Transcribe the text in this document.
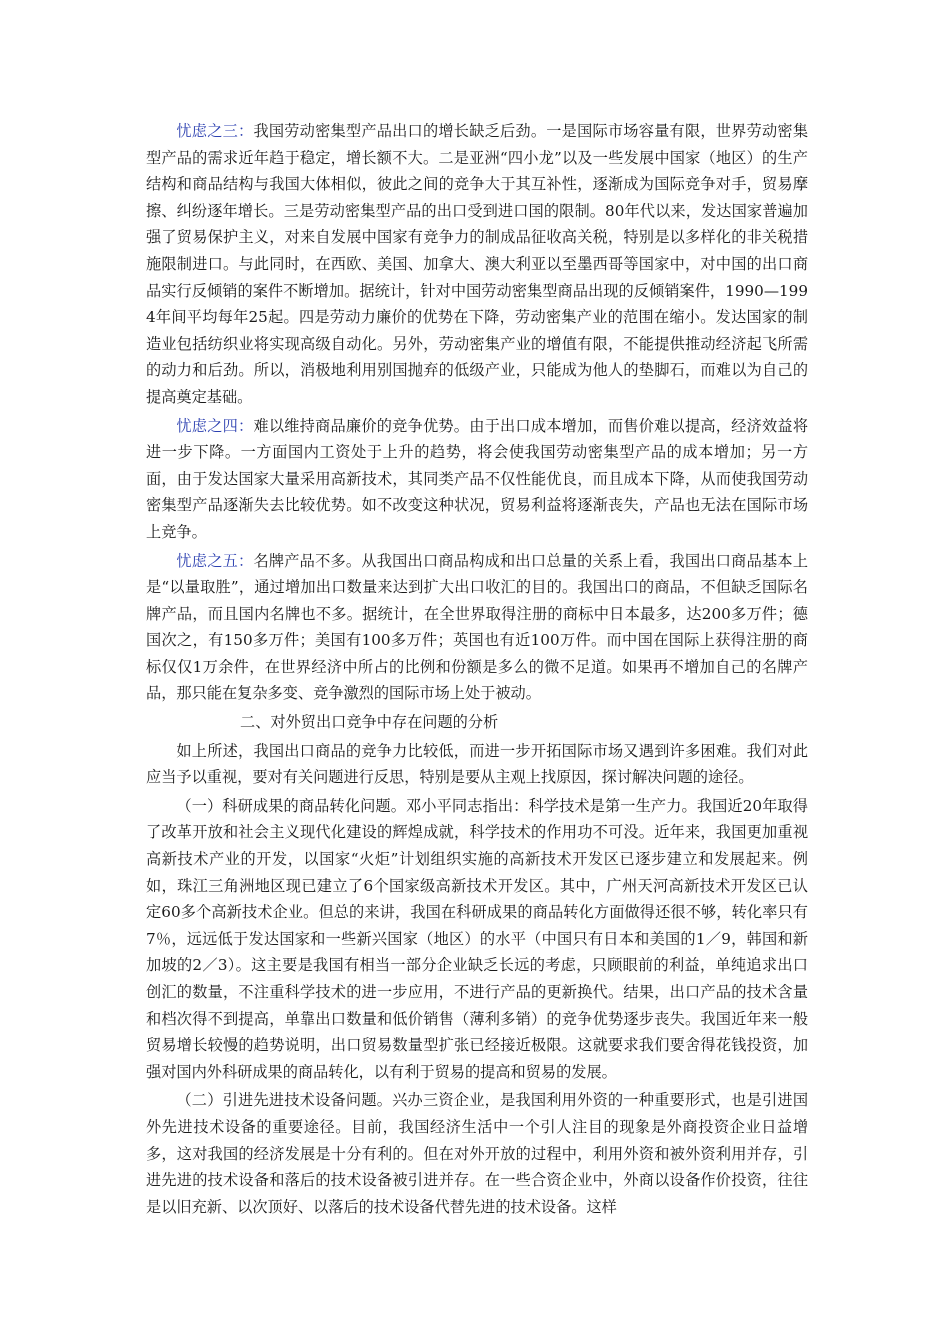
忧虑之三：我国劳动密集型产品出口的增长缺乏后劲。一是国际市场容量有限，世界劳动密集型产品的需求近年趋于稳定，增长额不大。二是亚洲“四小龙”以及一些发展中国家（地区）的生产结构和商品结构与我国大体相似，彼此之间的竞争大于其互补性，逐渐成为国际竞争对手，贸易摩擦、纠纷逐年增长。三是劳动密集型产品的出口受到进口国的限制。80年代以来，发达国家普遍加强了贸易保护主义，对来自发展中国家有竞争力的制成品征收高关税，特别是以多样化的非关税措施限制进口。与此同时，在西欧、美国、加拿大、澳大利亚以至墨西哥等国家中，对中国的出口商品实行反倾销的案件不断增加。据统计，针对中国劳动密集型商品出现的反倾销案件，1990—1994年间平均每年25起。四是劳动力廉价的优势在下降，劳动密集产业的范围在缩小。发达国家的制造业包括纺织业将实现高级自动化。另外，劳动密集产业的增值有限，不能提供推动经济起飞所需的动力和后劲。所以，消极地利用别国抛弃的低级产业，只能成为他人的垫脚石，而难以为自己的提高奠定基础。

忧虑之四：难以维持商品廉价的竞争优势。由于出口成本增加，而售价难以提高，经济效益将进一步下降。一方面国内工资处于上升的趋势，将会使我国劳动密集型产品的成本增加；另一方面，由于发达国家大量采用高新技术，其同类产品不仅性能优良，而且成本下降，从而使我国劳动密集型产品逐渐失去比较优势。如不改变这种状况，贸易利益将逐渐丧失，产品也无法在国际市场上竞争。

忧虑之五：名牌产品不多。从我国出口商品构成和出口总量的关系上看，我国出口商品基本上是“以量取胜”，通过增加出口数量来达到扩大出口收汇的目的。我国出口的商品，不但缺乏国际名牌产品，而且国内名牌也不多。据统计，在全世界取得注册的商标中日本最多，达200多万件；德国次之，有150多万件；美国有100多万件；英国也有近100万件。而中国在国际上获得注册的商标仅仅1万余件，在世界经济中所占的比例和份额是多么的微不足道。如果再不增加自己的名牌产品，那只能在复杂多变、竞争激烈的国际市场上处于被动。

二、对外贸出口竞争中存在问题的分析

如上所述，我国出口商品的竞争力比较低，而进一步开拓国际市场又遇到许多困难。我们对此应当予以重视，要对有关问题进行反思，特别是要从主观上找原因，探讨解决问题的途径。

（一）科研成果的商品转化问题。邓小平同志指出：科学技术是第一生产力。我国近20年取得了改革开放和社会主义现代化建设的辉煌成就，科学技术的作用功不可没。近年来，我国更加重视高新技术产业的开发，以国家“火炬”计划组织实施的高新技术开发区已逐步建立和发展起来。例如，珠江三角洲地区现已建立了6个国家级高新技术开发区。其中，广州天河高新技术开发区已认定60多个高新技术企业。但总的来讲，我国在科研成果的商品转化方面做得还很不够，转化率只有7％，远远低于发达国家和一些新兴国家（地区）的水平（中国只有日本和美国的1／9，韩国和新加坡的2／3）。这主要是我国有相当一部分企业缺乏长远的考虑，只顾眼前的利益，单纯追求出口创汇的数量，不注重科学技术的进一步应用，不进行产品的更新换代。结果，出口产品的技术含量和档次得不到提高，单靠出口数量和低价销售（薄利多销）的竞争优势逐步丧失。我国近年来一般贸易增长较慢的趋势说明，出口贸易数量型扩张已经接近极限。这就要求我们要舍得花钱投资，加强对国内外科研成果的商品转化，以有利于贸易的提高和贸易的发展。

（二）引进先进技术设备问题。兴办三资企业，是我国利用外资的一种重要形式，也是引进国外先进技术设备的重要途径。目前，我国经济生活中一个引人注目的现象是外商投资企业日益增多，这对我国的经济发展是十分有利的。但在对外开放的过程中，利用外资和被外资利用并存，引进先进的技术设备和落后的技术设备被引进并存。在一些合资企业中，外商以设备作价投资，往往是以旧充新、以次顶好、以落后的技术设备代替先进的技术设备。这样
